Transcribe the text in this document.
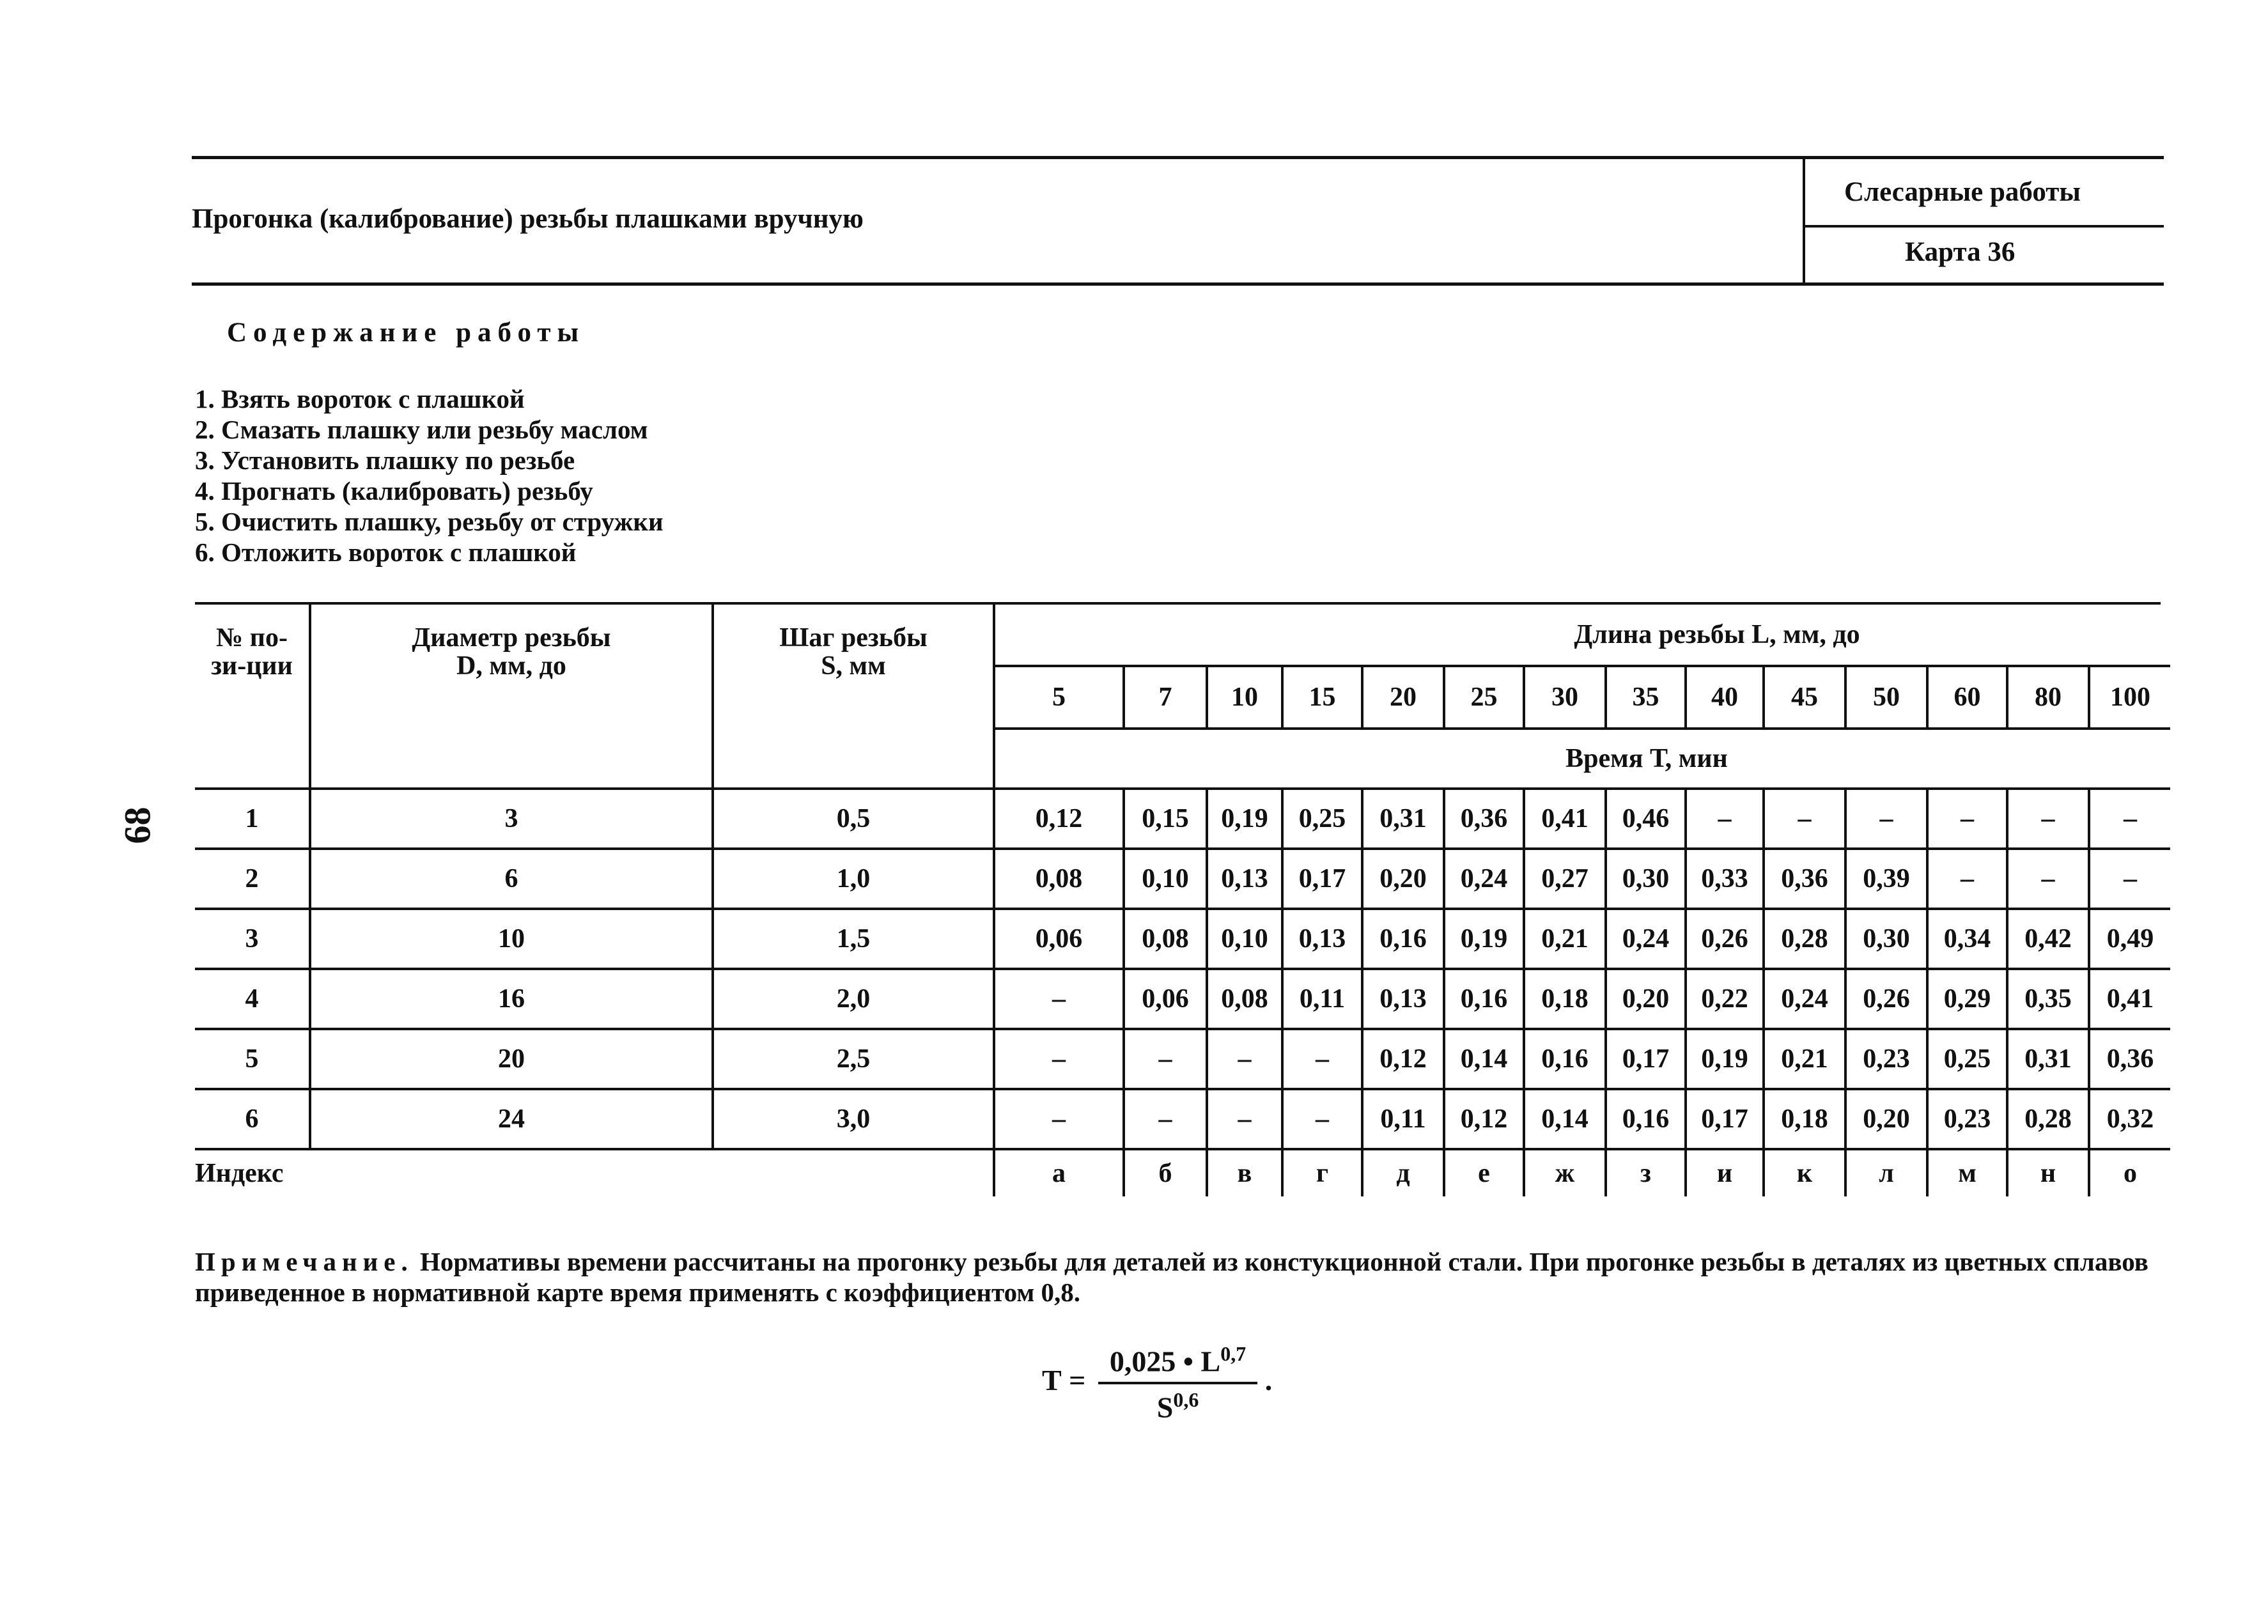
Прогонка (калибрование) резьбы плашками вручную
Слесарные работы
Карта 36
Содержание работы
1. Взять вороток с плашкой
2. Смазать плашку или резьбу маслом
3. Установить плашку по резьбе
4. Прогнать (калибровать) резьбу
5. Очистить плашку, резьбу от стружки
6. Отложить вороток с плашкой
68
№ по-зи-ции	Диаметр резьбы D, мм, до	Шаг резьбы S, мм	Длина резьбы L, мм, до													
			5	7	10	15	20	25	30	35	40	45	50	60	80	100
			Время Т, мин													
1	3	0,5	0,12	0,15	0,19	0,25	0,31	0,36	0,41	0,46	–	–	–	–	–	–
2	6	1,0	0,08	0,10	0,13	0,17	0,20	0,24	0,27	0,30	0,33	0,36	0,39	–	–	–
3	10	1,5	0,06	0,08	0,10	0,13	0,16	0,19	0,21	0,24	0,26	0,28	0,30	0,34	0,42	0,49
4	16	2,0	–	0,06	0,08	0,11	0,13	0,16	0,18	0,20	0,22	0,24	0,26	0,29	0,35	0,41
5	20	2,5	–	–	–	–	0,12	0,14	0,16	0,17	0,19	0,21	0,23	0,25	0,31	0,36
6	24	3,0	–	–	–	–	0,11	0,12	0,14	0,16	0,17	0,18	0,20	0,23	0,28	0,32
Индекс			а	б	в	г	д	е	ж	з	и	к	л	м	н	о
Примечание. Нормативы времени рассчитаны на прогонку резьбы для деталей из констукционной стали. При прогонке резьбы в деталях из цветных сплавов приведенное в нормативной карте время применять с коэффициентом 0,8.
$Т = \frac{0,025 • L^{0,7}}{S^{0,6}}$ .
